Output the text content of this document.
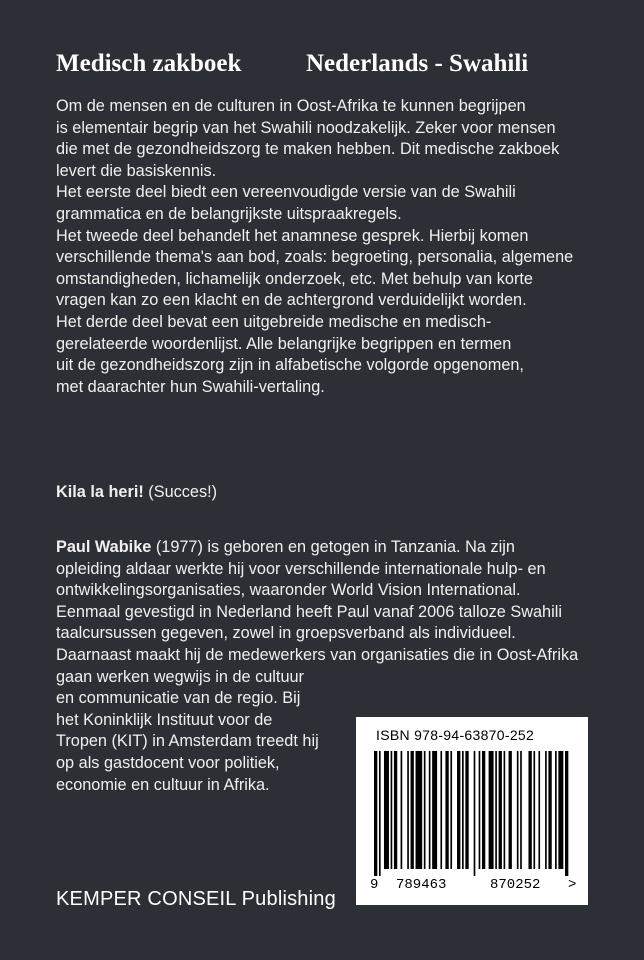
Medisch zakboek	Nederlands - Swahili

Om de mensen en de culturen in Oost-Afrika te kunnen begrijpen

is elementair begrip van het Swahili noodzakelijk. Zeker voor mensen

die met de gezondheidszorg te maken hebben. Dit medische zakboek

levert die basiskennis.

Het eerste deel biedt een vereenvoudigde versie van de Swahili

grammatica en de belangrijkste uitspraakregels.

Het tweede deel behandelt het anamnese gesprek. Hierbij komen

verschillende thema's aan bod, zoals: begroeting, personalia, algemene

omstandigheden, lichamelijk onderzoek, etc. Met behulp van korte

vragen kan zo een klacht en de achtergrond verduidelijkt worden.

Het derde deel bevat een uitgebreide medische en medisch-

gerelateerde woordenlijst. Alle belangrijke begrippen en termen

uit de gezondheidszorg zijn in alfabetische volgorde opgenomen,

met daarachter hun Swahili-vertaling.

Kila la heri! (Succes!)

Paul Wabike (1977) is geboren en getogen in Tanzania. Na zijn

opleiding aldaar werkte hij voor verschillende internationale hulp- en

ontwikkelingsorganisaties, waaronder World Vision International.

Eenmaal gevestigd in Nederland heeft Paul vanaf 2006 talloze Swahili

taalcursussen gegeven, zowel in groepsverband als individueel.

Daarnaast maakt hij de medewerkers van organisaties die in Oost-Afrika

gaan werken wegwijs in de cultuur

en communicatie van de regio. Bij

het Koninklijk Instituut voor de

Tropen (KIT) in Amsterdam treedt hij

op als gastdocent voor politiek,

economie en cultuur in Afrika.

KEMPER CONSEIL Publishing
ISBN 978-94-63870-252
9 789463	870252 >
